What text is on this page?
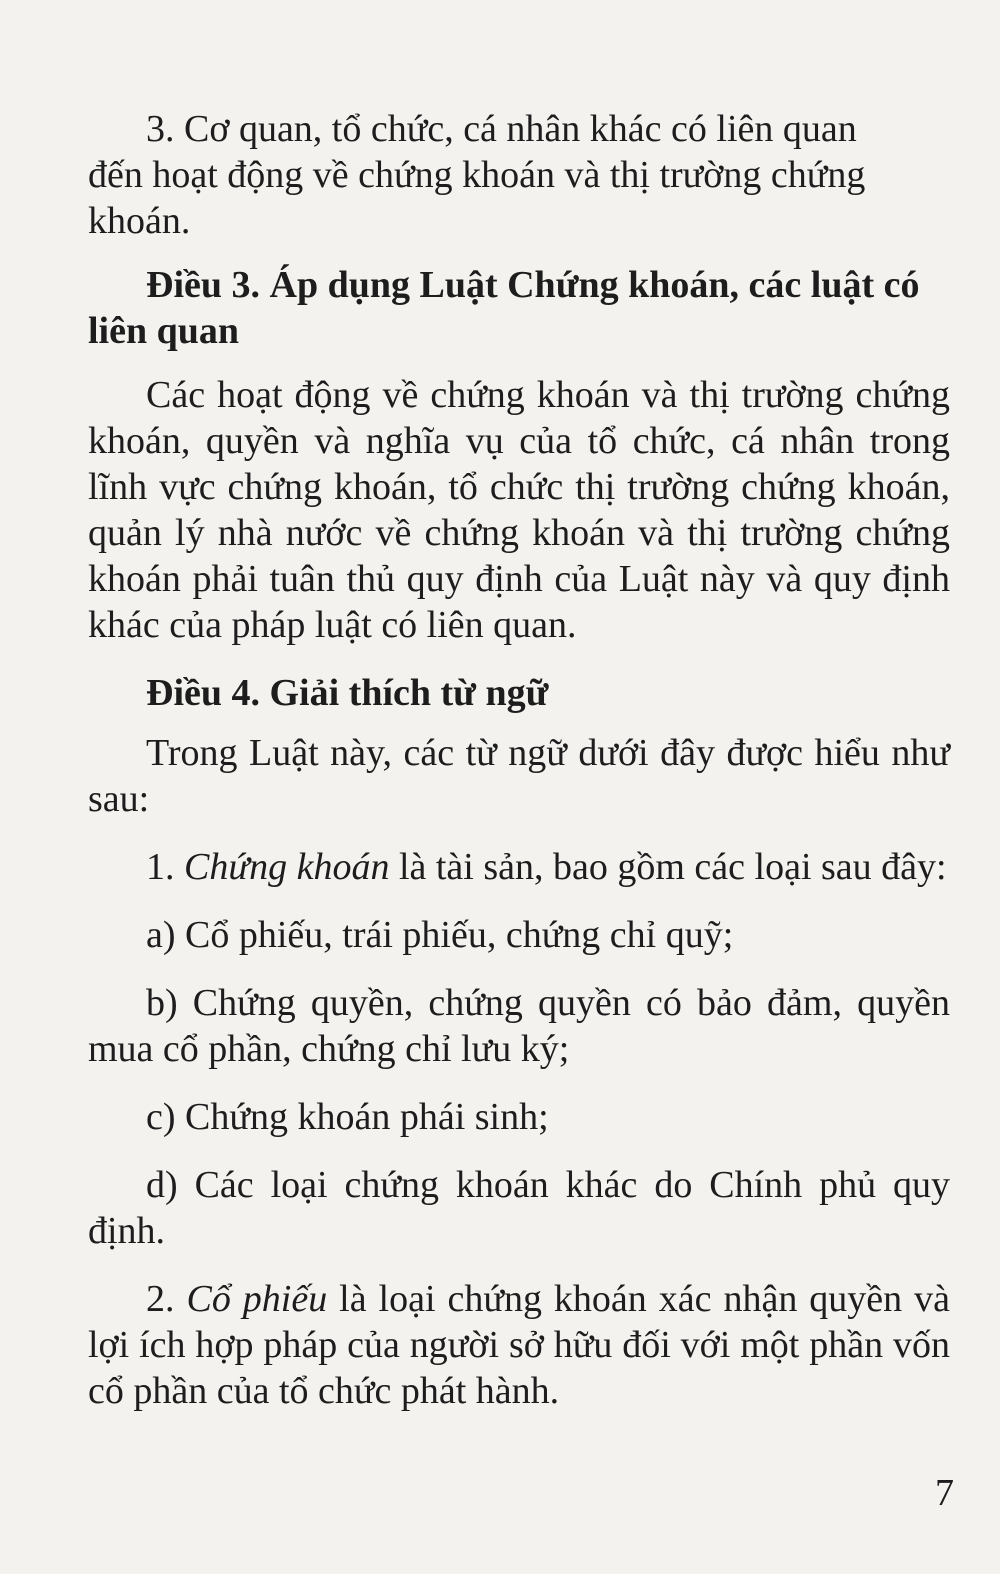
3. Cơ quan, tổ chức, cá nhân khác có liên quan
đến hoạt động về chứng khoán và thị trường chứng
khoán.

Điều 3. Áp dụng Luật Chứng khoán, các luật có
liên quan

Các hoạt động về chứng khoán và thị trường chứng khoán, quyền và nghĩa vụ của tổ chức, cá nhân trong lĩnh vực chứng khoán, tổ chức thị trường chứng khoán, quản lý nhà nước về chứng khoán và thị trường chứng khoán phải tuân thủ quy định của Luật này và quy định khác của pháp luật có liên quan.

Điều 4. Giải thích từ ngữ

Trong Luật này, các từ ngữ dưới đây được hiểu như sau:

1. Chứng khoán là tài sản, bao gồm các loại sau đây:

a) Cổ phiếu, trái phiếu, chứng chỉ quỹ;

b) Chứng quyền, chứng quyền có bảo đảm, quyền mua cổ phần, chứng chỉ lưu ký;

c) Chứng khoán phái sinh;

d) Các loại chứng khoán khác do Chính phủ quy định.

2. Cổ phiếu là loại chứng khoán xác nhận quyền và lợi ích hợp pháp của người sở hữu đối với một phần vốn cổ phần của tổ chức phát hành.

7
